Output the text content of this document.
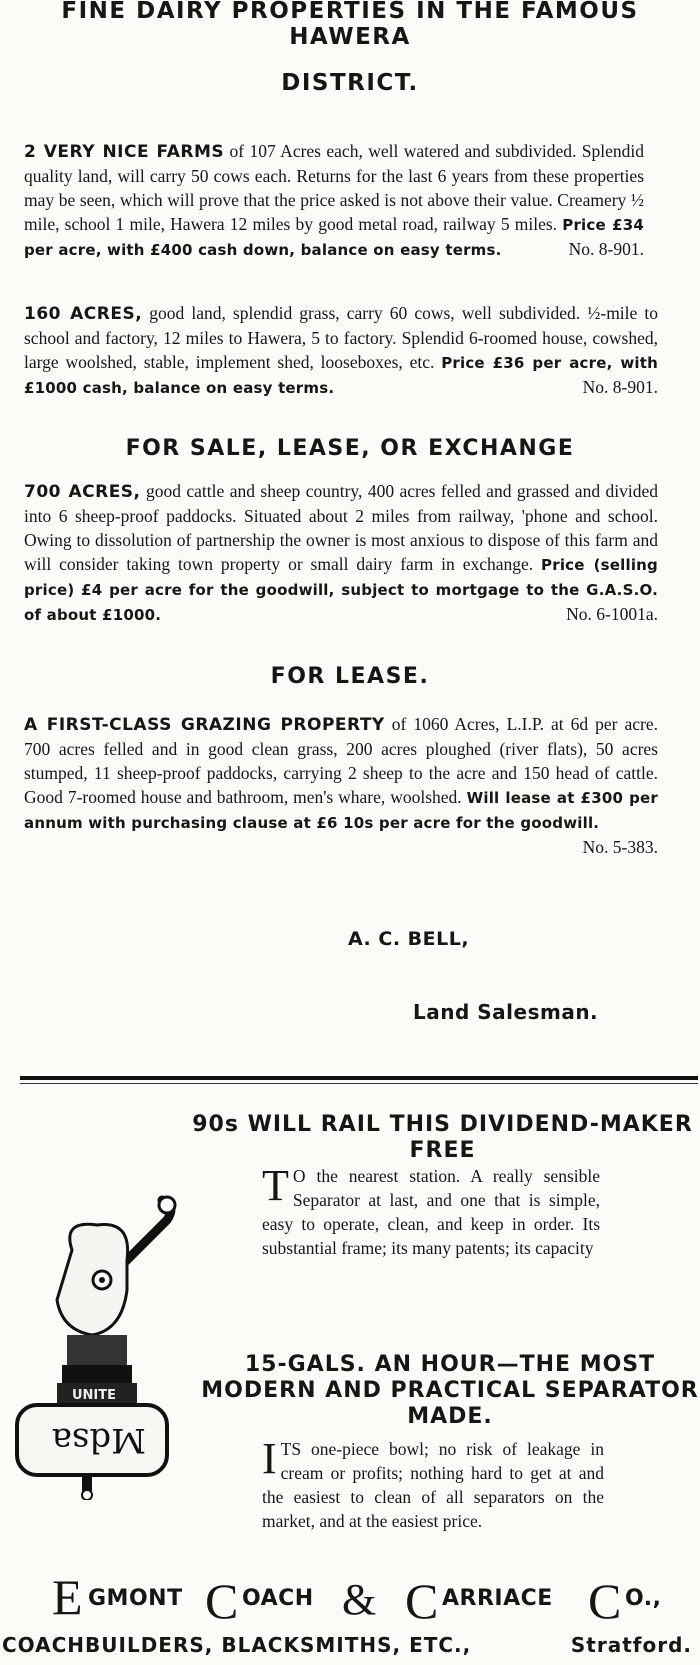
FINE DAIRY PROPERTIES IN THE FAMOUS HAWERA
DISTRICT.
2 VERY NICE FARMS of 107 Acres each, well watered and subdivided. Splendid quality land, will carry 50 cows each. Returns for the last 6 years from these properties may be seen, which will prove that the price asked is not above their value. Creamery ½ mile, school 1 mile, Hawera 12 miles by good metal road, railway 5 miles. Price £34 per acre, with £400 cash down, balance on easy terms.	No. 8-901.
160 ACRES, good land, splendid grass, carry 60 cows, well subdivided. ½-mile to school and factory, 12 miles to Hawera, 5 to factory. Splendid 6-roomed house, cowshed, large woolshed, stable, implement shed, looseboxes, etc. Price £36 per acre, with £1000 cash, balance on easy terms.	No. 8-901.
FOR SALE, LEASE, OR EXCHANGE
700 ACRES, good cattle and sheep country, 400 acres felled and grassed and divided into 6 sheep-proof paddocks. Situated about 2 miles from railway, 'phone and school. Owing to dissolution of partnership the owner is most anxious to dispose of this farm and will consider taking town property or small dairy farm in exchange. Price (selling price) £4 per acre for the goodwill, subject to mortgage to the G.A.S.O. of about £1000.	No. 6-1001a.
FOR LEASE.
A FIRST-CLASS GRAZING PROPERTY of 1060 Acres, L.I.P. at 6d per acre. 700 acres felled and in good clean grass, 200 acres ploughed (river flats), 50 acres stumped, 11 sheep-proof paddocks, carrying 2 sheep to the acre and 150 head of cattle. Good 7-roomed house and bathroom, men's whare, woolshed. Will lease at £300 per annum with purchasing clause at £6 10s per acre for the goodwill.
No. 5-383.
A. C. BELL,
Land Salesman.
90s WILL RAIL THIS DIVIDEND-MAKER FREE
UNITE
Mdsa
T O the nearest station. A really sensible Separator at last, and one that is simple, easy to operate, clean, and keep in order. Its substantial frame; its many patents; its capacity
15-GALS. AN HOUR—THE MOST MODERN AND PRACTICAL SEPARATOR MADE.
ITS one-piece bowl; no risk of leakage in cream or profits; nothing hard to get at and the easiest to clean of all separators on the market, and at the easiest price.
E GMONT C OACH & C ARRIACE C O.,
COACHBUILDERS, BLACKSMITHS, ETC.,	Stratford.
